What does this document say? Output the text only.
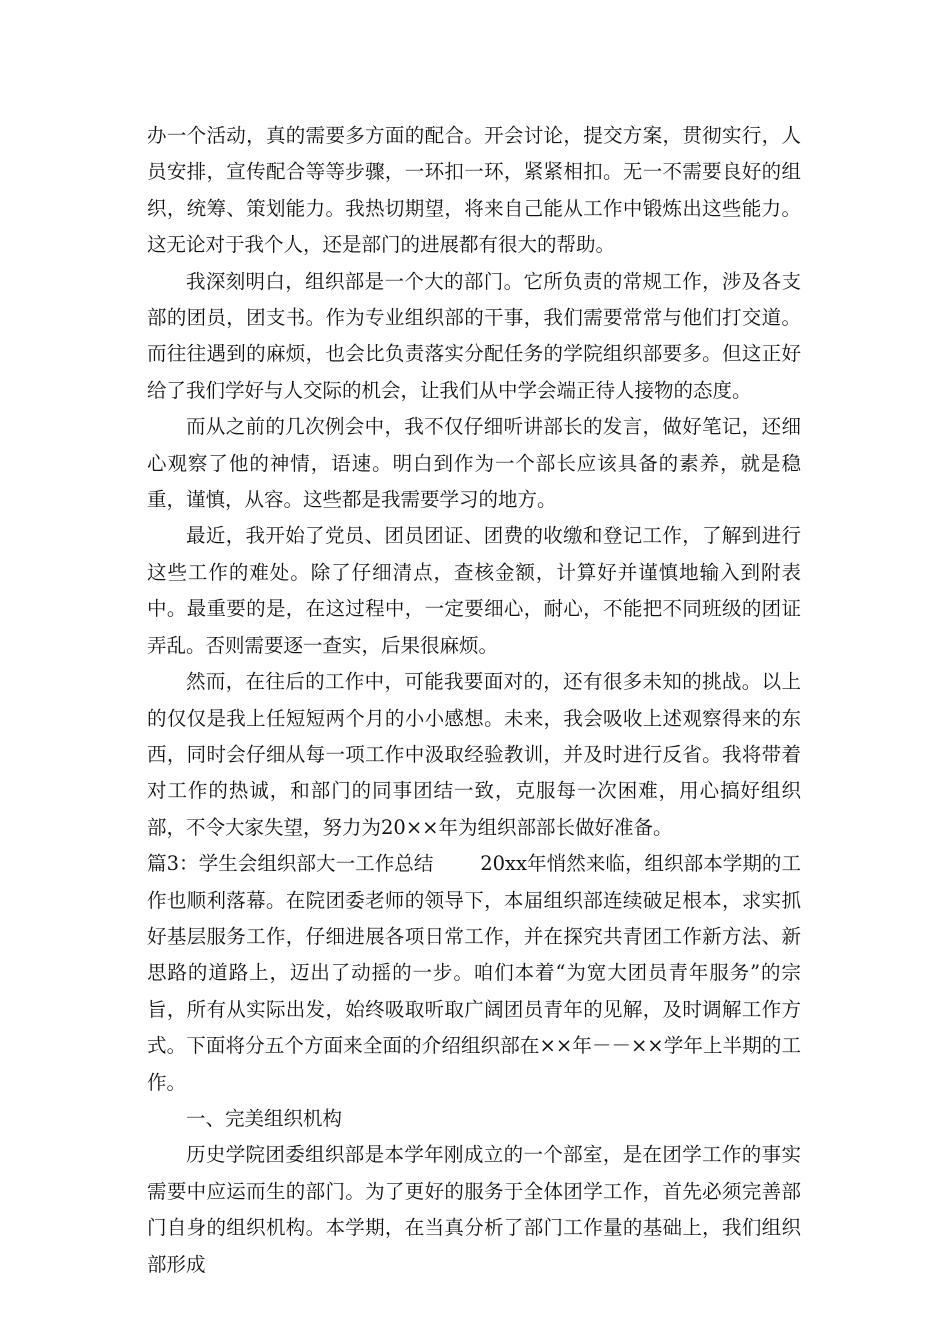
办一个活动，真的需要多方面的配合。开会讨论，提交方案，贯彻实行，人员安排，宣传配合等等步骤，一环扣一环，紧紧相扣。无一不需要良好的组织，统筹、策划能力。我热切期望，将来自己能从工作中锻炼出这些能力。这无论对于我个人，还是部门的进展都有很大的帮助。

我深刻明白，组织部是一个大的部门。它所负责的常规工作，涉及各支部的团员，团支书。作为专业组织部的干事，我们需要常常与他们打交道。而往往遇到的麻烦，也会比负责落实分配任务的学院组织部要多。但这正好给了我们学好与人交际的机会，让我们从中学会端正待人接物的态度。

而从之前的几次例会中，我不仅仔细听讲部长的发言，做好笔记，还细心观察了他的神情，语速。明白到作为一个部长应该具备的素养，就是稳重，谨慎，从容。这些都是我需要学习的地方。

最近，我开始了党员、团员团证、团费的收缴和登记工作，了解到进行这些工作的难处。除了仔细清点，查核金额，计算好并谨慎地输入到附表中。最重要的是，在这过程中，一定要细心，耐心，不能把不同班级的团证弄乱。否则需要逐一查实，后果很麻烦。

然而，在往后的工作中，可能我要面对的，还有很多未知的挑战。以上的仅仅是我上任短短两个月的小小感想。未来，我会吸收上述观察得来的东西，同时会仔细从每一项工作中汲取经验教训，并及时进行反省。我将带着对工作的热诚，和部门的同事团结一致，克服每一次困难，用心搞好组织部，不令大家失望，努力为20××年为组织部部长做好准备。

篇3：学生会组织部大一工作总结 20xx年悄然来临，组织部本学期的工作也顺利落幕。在院团委老师的领导下，本届组织部连续破足根本，求实抓好基层服务工作，仔细进展各项日常工作，并在探究共青团工作新方法、新思路的道路上，迈出了动摇的一步。咱们本着“为宽大团员青年服务”的宗旨，所有从实际出发，始终吸取听取广阔团员青年的见解，及时调解工作方式。下面将分五个方面来全面的介绍组织部在××年－－××学年上半期的工作。

一、完美组织机构

历史学院团委组织部是本学年刚成立的一个部室，是在团学工作的事实需要中应运而生的部门。为了更好的服务于全体团学工作，首先必须完善部门自身的组织机构。本学期，在当真分析了部门工作量的基础上，我们组织部形成
